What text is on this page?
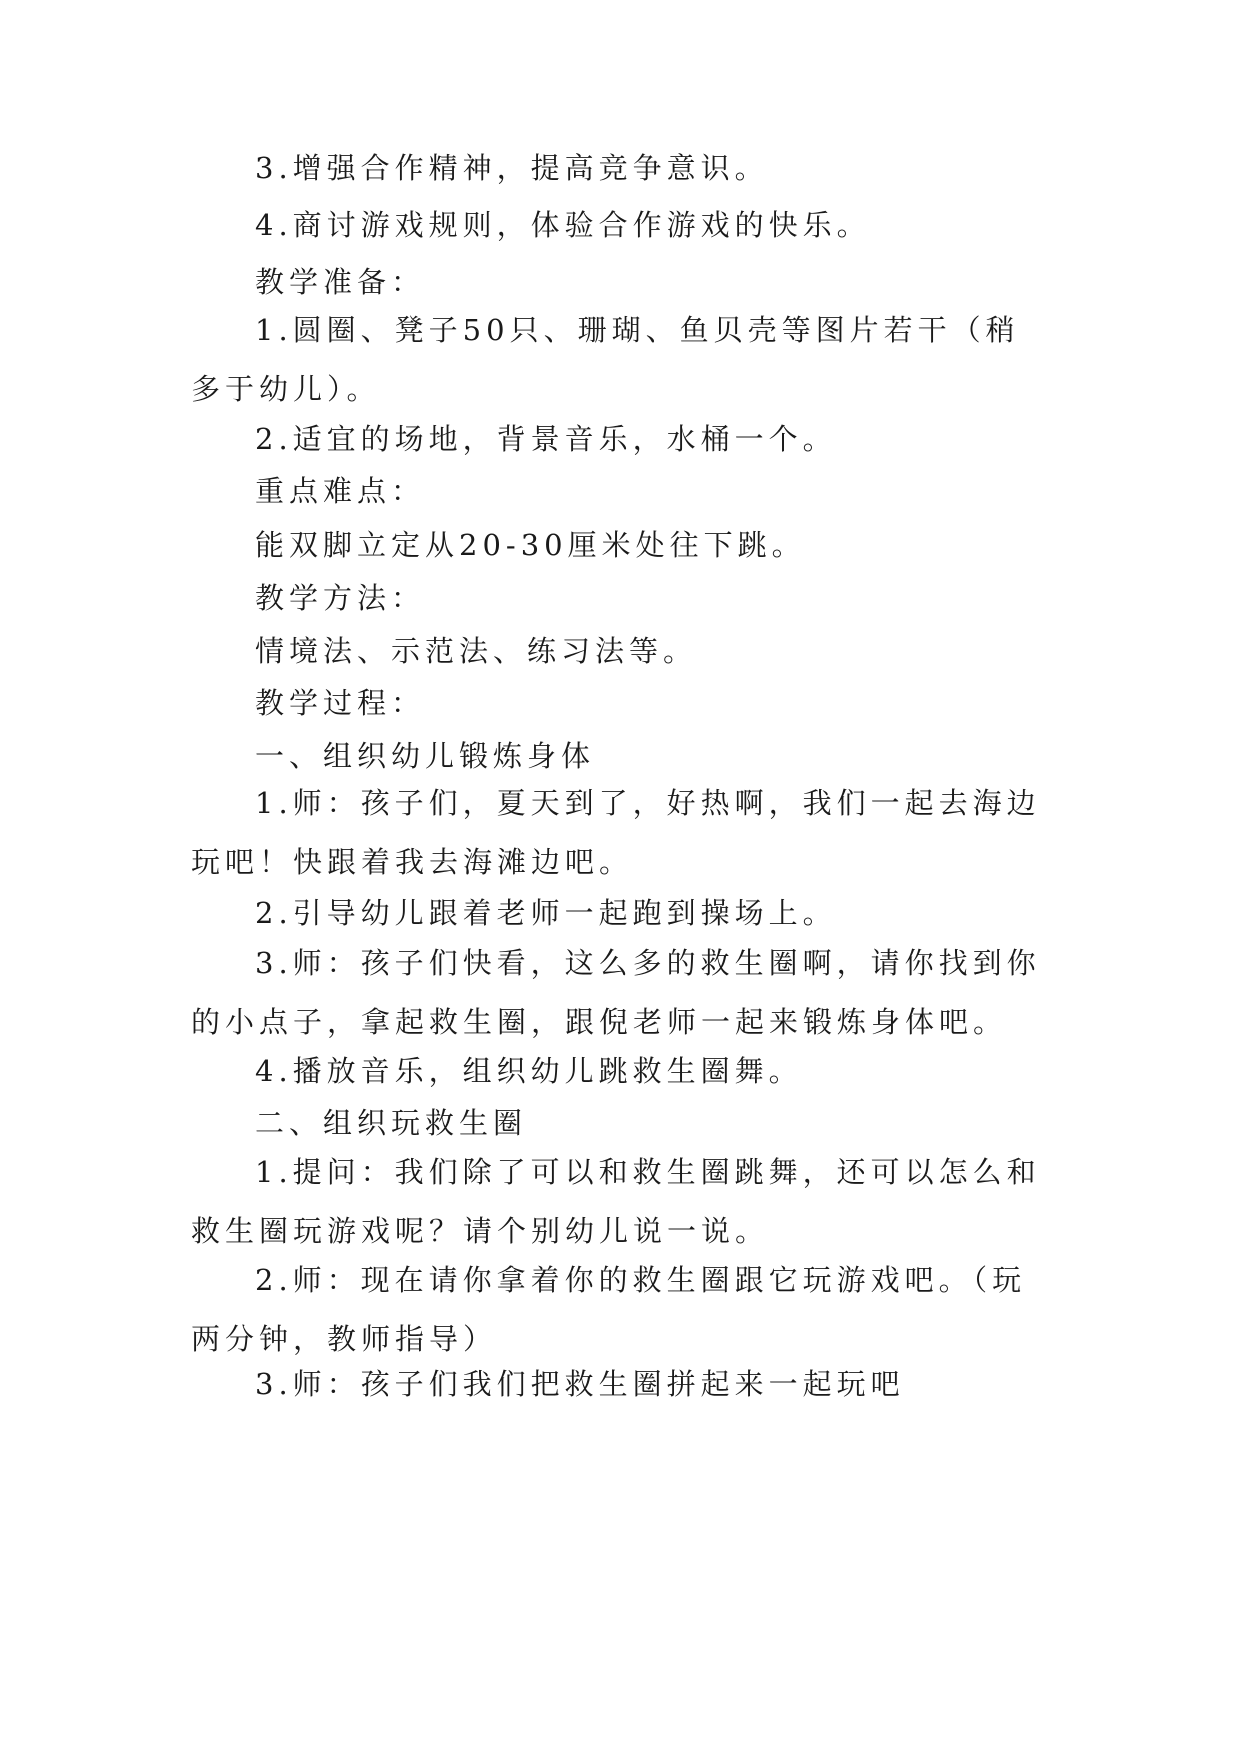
3.增强合作精神，提高竞争意识。

4.商讨游戏规则，体验合作游戏的快乐。

教学准备：

1.圆圈、凳子50只、珊瑚、鱼贝壳等图片若干（稍多于幼儿）。

2.适宜的场地，背景音乐，水桶一个。

重点难点：

能双脚立定从20-30厘米处往下跳。

教学方法：

情境法、示范法、练习法等。

教学过程：

一、组织幼儿锻炼身体

1.师：孩子们，夏天到了，好热啊，我们一起去海边玩吧！快跟着我去海滩边吧。

2.引导幼儿跟着老师一起跑到操场上。

3.师：孩子们快看，这么多的救生圈啊，请你找到你的小点子，拿起救生圈，跟倪老师一起来锻炼身体吧。

4.播放音乐，组织幼儿跳救生圈舞。

二、组织玩救生圈

1.提问：我们除了可以和救生圈跳舞，还可以怎么和救生圈玩游戏呢？请个别幼儿说一说。

2.师：现在请你拿着你的救生圈跟它玩游戏吧。（玩两分钟，教师指导）

3.师：孩子们我们把救生圈拼起来一起玩吧
